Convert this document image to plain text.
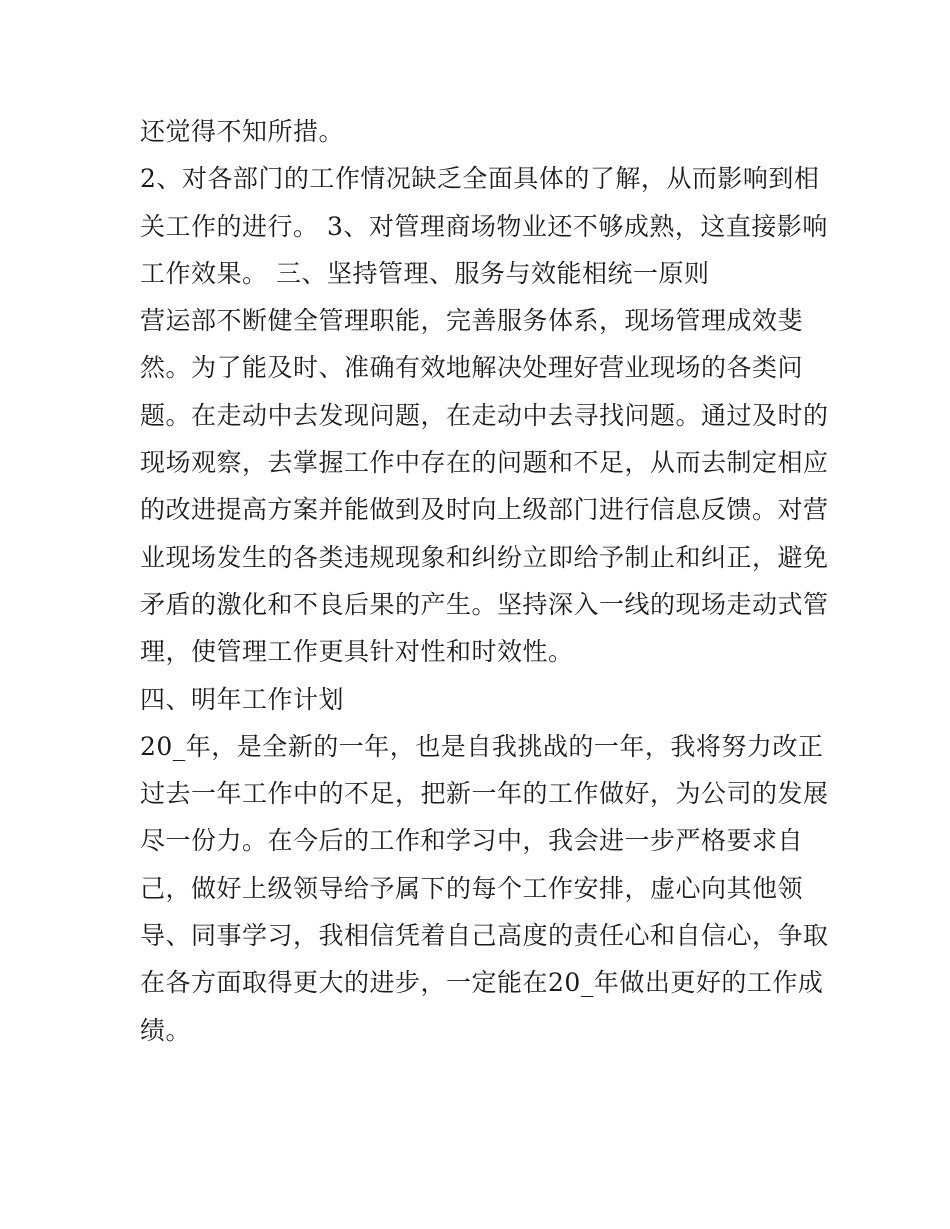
还觉得不知所措。
2、对各部门的工作情况缺乏全面具体的了解，从而影响到相
关工作的进行。 3、对管理商场物业还不够成熟，这直接影响
工作效果。 三、坚持管理、服务与效能相统一原则
营运部不断健全管理职能，完善服务体系，现场管理成效斐
然。为了能及时、准确有效地解决处理好营业现场的各类问
题。在走动中去发现问题，在走动中去寻找问题。通过及时的
现场观察，去掌握工作中存在的问题和不足，从而去制定相应
的改进提高方案并能做到及时向上级部门进行信息反馈。对营
业现场发生的各类违规现象和纠纷立即给予制止和纠正，避免
矛盾的激化和不良后果的产生。坚持深入一线的现场走动式管
理，使管理工作更具针对性和时效性。
四、明年工作计划
20_年，是全新的一年，也是自我挑战的一年，我将努力改正
过去一年工作中的不足，把新一年的工作做好，为公司的发展
尽一份力。在今后的工作和学习中，我会进一步严格要求自
己，做好上级领导给予属下的每个工作安排，虚心向其他领
导、同事学习，我相信凭着自己高度的责任心和自信心，争取
在各方面取得更大的进步，一定能在20_年做出更好的工作成
绩。
